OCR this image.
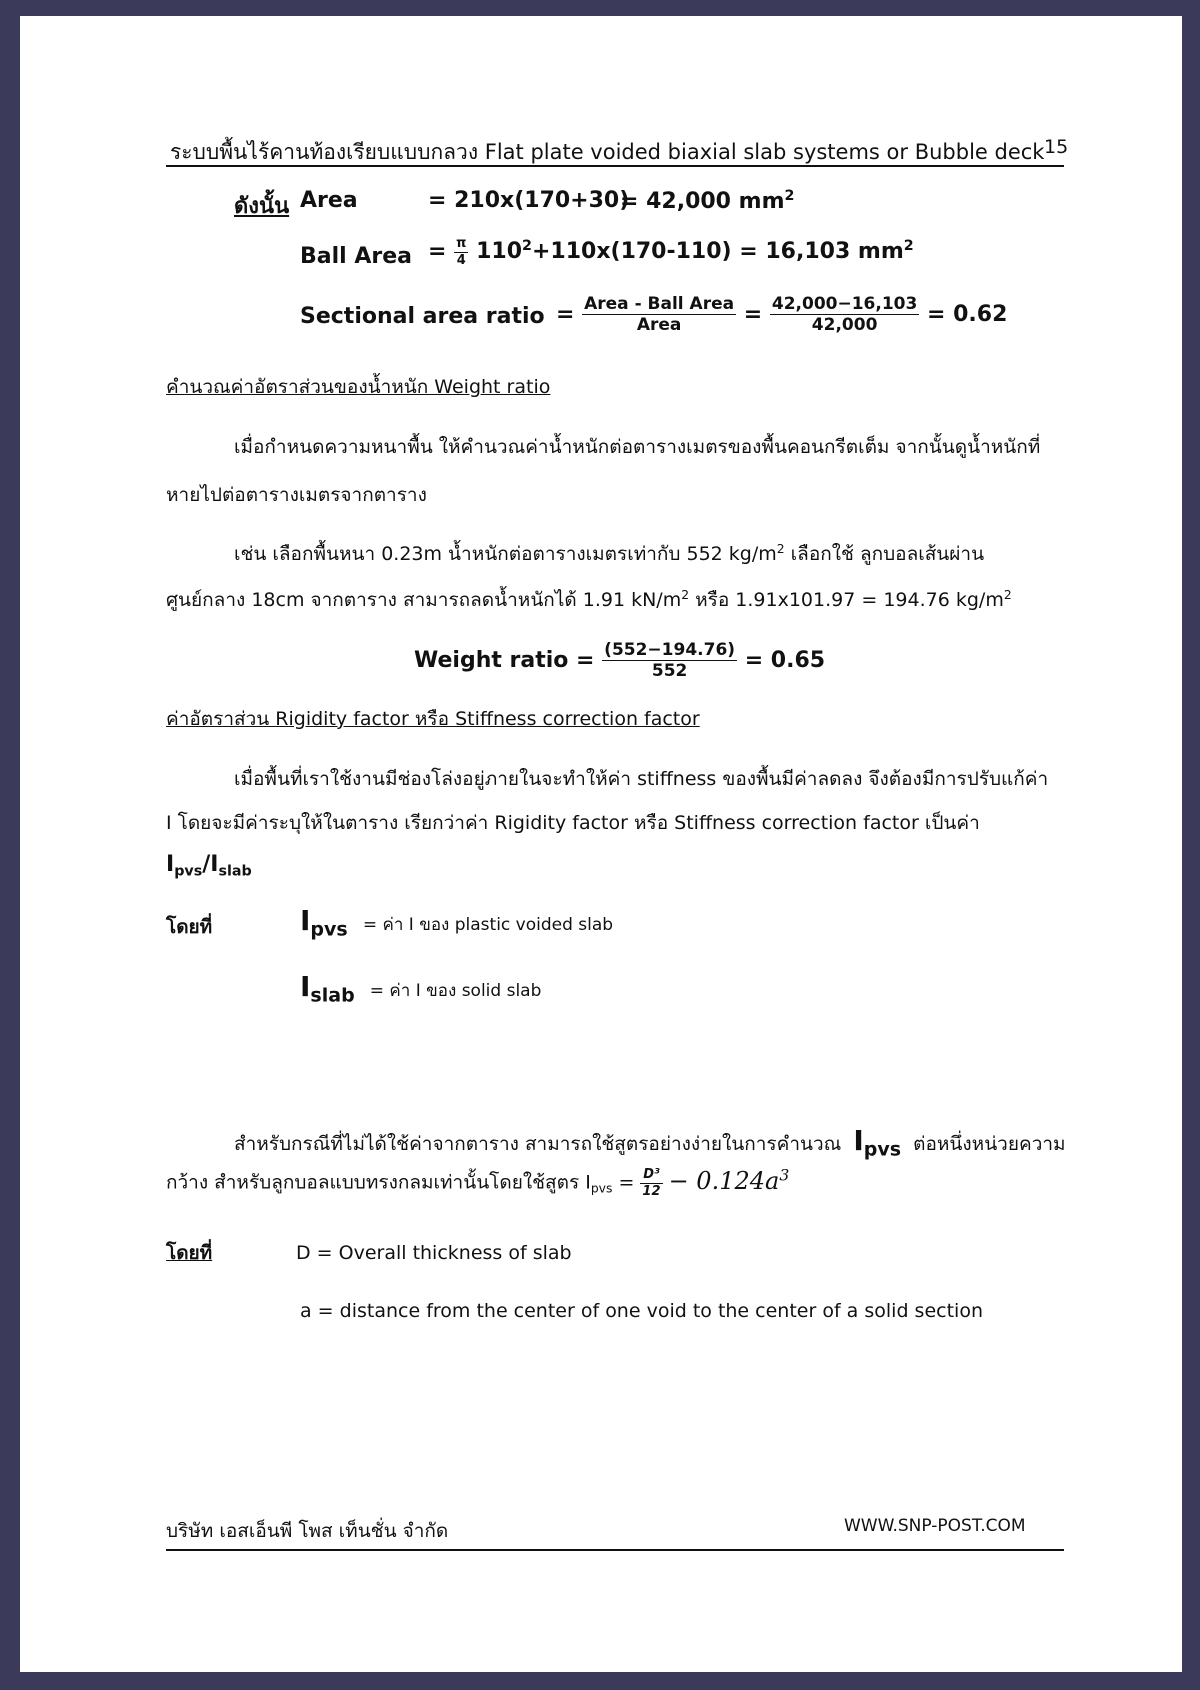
ระบบพื้นไร้คานท้องเรียบแบบกลวง Flat plate voided biaxial slab systems or Bubble deck 15
ดังนั้น Area	= 210x(170+30)
= 42,000 $mm^2$
Ball Area = $\frac{\pi}{4} 110^2+110x(170-110) = 16,103$ $mm^2$
Sectional area ratio = $\frac{\text{Area - Ball Area}}{\text{Area}} = \frac{42,000-16,103}{42,000} = 0.62$
คำนวณค่าอัตราส่วนของน้ำหนัก Weight ratio
เมื่อกำหนดความหนาพื้น ให้คำนวณค่าน้ำหนักต่อตารางเมตรของพื้นคอนกรีตเต็ม จากนั้นดูน้ำหนักที่
หายไปต่อตารางเมตรจากตาราง
เช่น เลือกพื้นหนา 0.23m น้ำหนักต่อตารางเมตรเท่ากับ 552 $kg/m^2$ เลือกใช้ ลูกบอลเส้นผ่าน
ศูนย์กลาง 18cm จากตาราง สามารถลดน้ำหนักได้ 1.91 $kN/m^2$ หรือ 1.91x101.97 = 194.76 $kg/m^2$
Weight ratio = $\frac{(552-194.76)}{552} = 0.65$
ค่าอัตราส่วน Rigidity factor หรือ Stiffness correction factor
เมื่อพื้นที่เราใช้งานมีช่องโล่งอยู่ภายในจะทำให้ค่า stiffness ของพื้นมีค่าลดลง จึงต้องมีการปรับแก้ค่า
I โดยจะมีค่าระบุให้ในตาราง เรียกว่าค่า Rigidity factor หรือ Stiffness correction factor เป็นค่า
$I_{pvs}/I_{slab}$
โดยที่	$I_{pvs}$ = ค่า I ของ plastic voided slab
$I_{slab}$ = ค่า I ของ solid slab
สำหรับกรณีที่ไม่ได้ใช้ค่าจากตาราง สามารถใช้สูตรอย่างง่ายในการคำนวณ $I_{pvs}$ ต่อหนึ่งหน่วยความ
กว้าง สำหรับลูกบอลแบบทรงกลมเท่านั้นโดยใช้สูตร $I_{pvs} = \frac{\text{D³}}{12} - 0.124a^3$
โดยที่	D = Overall thickness of slab
a = distance from the center of one void to the center of a solid section
บริษัท เอสเอ็นพี โพส เท็นชั่น จำกัด	WWW.SNP-POST.COM
